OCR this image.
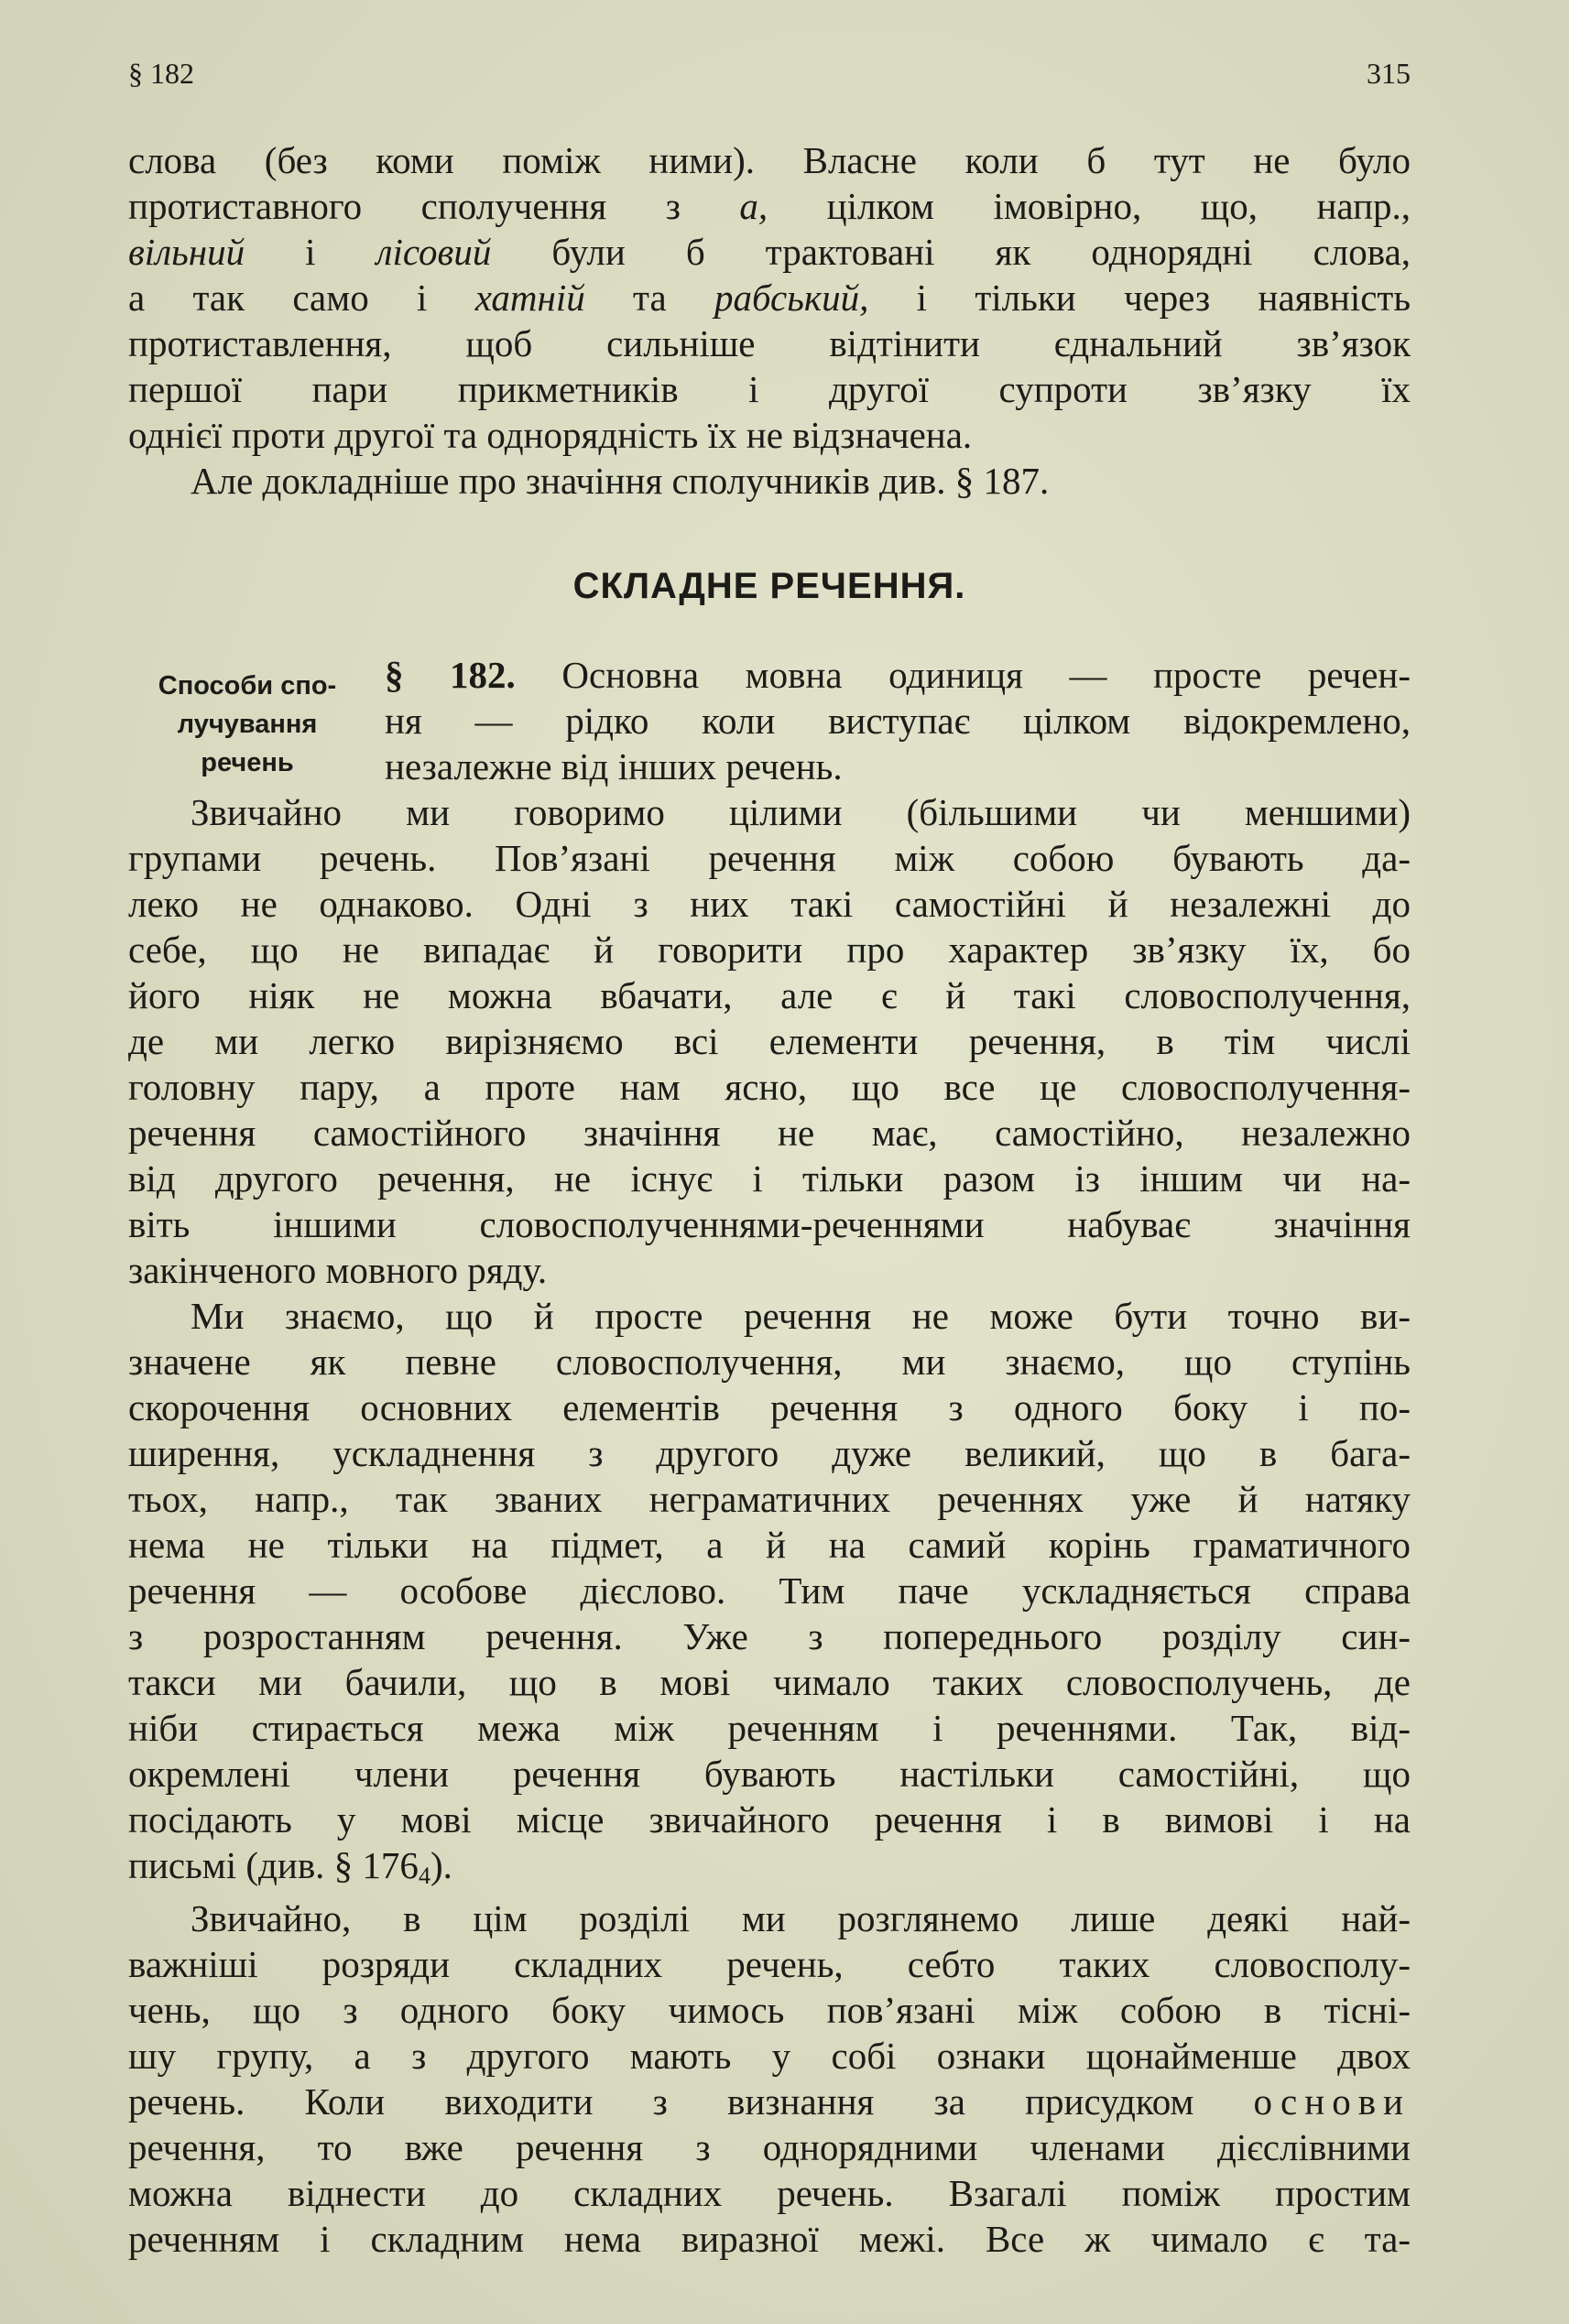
§ 182	315
слова (без коми поміж ними). Власне коли б тут не було
протиставного сполучення з а, цілком імовірно, що, напр.,
вільний і лісовий були б трактовані як однорядні слова,
а так само і хатній та рабський, і тільки через наявність
протиставлення, щоб сильніше відтінити єднальний зв’язок
першої пари прикметників і другої супроти зв’язку їх
однієї проти другої та однорядність їх не відзначена.
Але докладніше про значіння сполучників див. § 187.
СКЛАДНЕ РЕЧЕННЯ.
Способи спо-
лучування
речень
§ 182. Основна мовна одиниця — просте речен-
ня — рідко коли виступає цілком відокремлено,
незалежне від інших речень.
Звичайно ми говоримо цілими (більшими чи меншими)
групами речень. Пов’язані речення між собою бувають да-
леко не однаково. Одні з них такі самостійні й незалежні до
себе, що не випадає й говорити про характер зв’язку їх, бо
його ніяк не можна вбачати, але є й такі словосполучення,
де ми легко вирізняємо всі елементи речення, в тім числі
головну пару, а проте нам ясно, що все це словосполучення-
речення самостійного значіння не має, самостійно, незалежно
від другого речення, не існує і тільки разом із іншим чи на-
віть іншими словосполученнями-реченнями набуває значіння
закінченого мовного ряду.
Ми знаємо, що й просте речення не може бути точно ви-
значене як певне словосполучення, ми знаємо, що ступінь
скорочення основних елементів речення з одного боку і по-
ширення, ускладнення з другого дуже великий, що в бага-
тьох, напр., так званих неграматичних реченнях уже й натяку
нема не тільки на підмет, а й на самий корінь граматичного
речення — особове дієслово. Тим паче ускладняється справа
з розростанням речення. Уже з попереднього розділу син-
такси ми бачили, що в мові чимало таких словосполучень, де
ніби стирається межа між реченням і реченнями. Так, від-
окремлені члени речення бувають настільки самостійні, що
посідають у мові місце звичайного речення і в вимові і на
письмі (див. § $176_4$).
Звичайно, в цім розділі ми розглянемо лише деякі най-
важніші розряди складних речень, себто таких словосполу-
чень, що з одного боку чимось пов’язані між собою в тісні-
шу групу, а з другого мають у собі ознаки щонайменше двох
речень. Коли виходити з визнання за присудком основи
речення, то вже речення з однорядними членами дієслівними
можна віднести до складних речень. Взагалі поміж простим
реченням і складним нема виразної межі. Все ж чимало є та-
